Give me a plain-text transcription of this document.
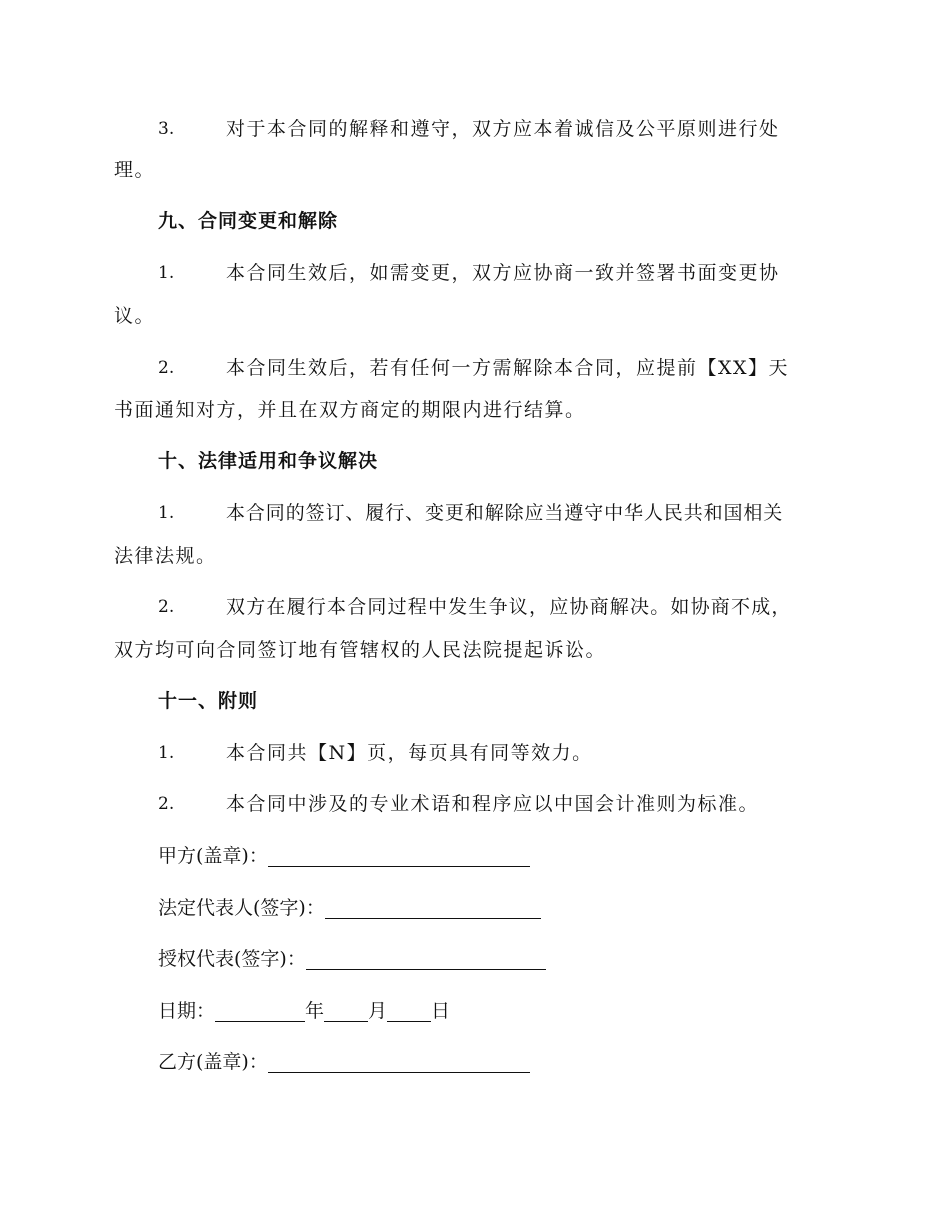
3.	对于本合同的解释和遵守，双方应本着诚信及公平原则进行处
理。
九、合同变更和解除
1.	本合同生效后，如需变更，双方应协商一致并签署书面变更协
议。
2.	本合同生效后，若有任何一方需解除本合同，应提前【XX】天
书面通知对方，并且在双方商定的期限内进行结算。
十、法律适用和争议解决
1.	本合同的签订、履行、变更和解除应当遵守中华人民共和国相关
法律法规。
2.	双方在履行本合同过程中发生争议，应协商解决。如协商不成，
双方均可向合同签订地有管辖权的人民法院提起诉讼。
十一、附则
1.	本合同共【N】页，每页具有同等效力。
2.	本合同中涉及的专业术语和程序应以中国会计准则为标准。
甲方(盖章)：
法定代表人(签字)：
授权代表(签字)：
日期：	年 月 日
乙方(盖章)：
